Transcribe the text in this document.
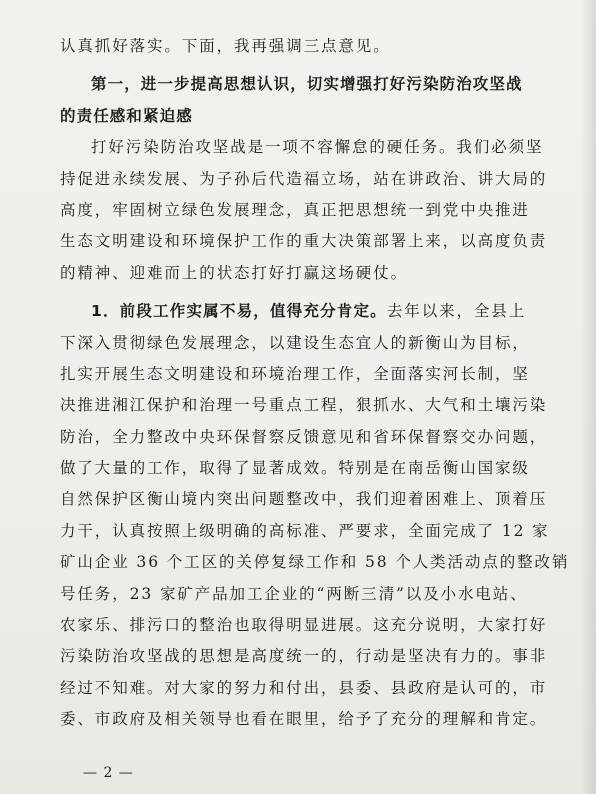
认真抓好落实。下面，我再强调三点意见。
第一，进一步提高思想认识，切实增强打好污染防治攻坚战
的责任感和紧迫感
打好污染防治攻坚战是一项不容懈怠的硬任务。我们必须坚
持促进永续发展、为子孙后代造福立场，站在讲政治、讲大局的
高度，牢固树立绿色发展理念，真正把思想统一到党中央推进
生态文明建设和环境保护工作的重大决策部署上来，以高度负责
的精神、迎难而上的状态打好打赢这场硬仗。
1．前段工作实属不易，值得充分肯定。去年以来，全县上
下深入贯彻绿色发展理念，以建设生态宜人的新衡山为目标，
扎实开展生态文明建设和环境治理工作，全面落实河长制，坚
决推进湘江保护和治理一号重点工程，狠抓水、大气和土壤污染
防治，全力整改中央环保督察反馈意见和省环保督察交办问题，
做了大量的工作，取得了显著成效。特别是在南岳衡山国家级
自然保护区衡山境内突出问题整改中，我们迎着困难上、顶着压
力干，认真按照上级明确的高标准、严要求，全面完成了 12 家
矿山企业 36 个工区的关停复绿工作和 58 个人类活动点的整改销
号任务，23 家矿产品加工企业的“两断三清”以及小水电站、
农家乐、排污口的整治也取得明显进展。这充分说明，大家打好
污染防治攻坚战的思想是高度统一的，行动是坚决有力的。事非
经过不知难。对大家的努力和付出，县委、县政府是认可的，市
委、市政府及相关领导也看在眼里，给予了充分的理解和肯定。
— 2 —
